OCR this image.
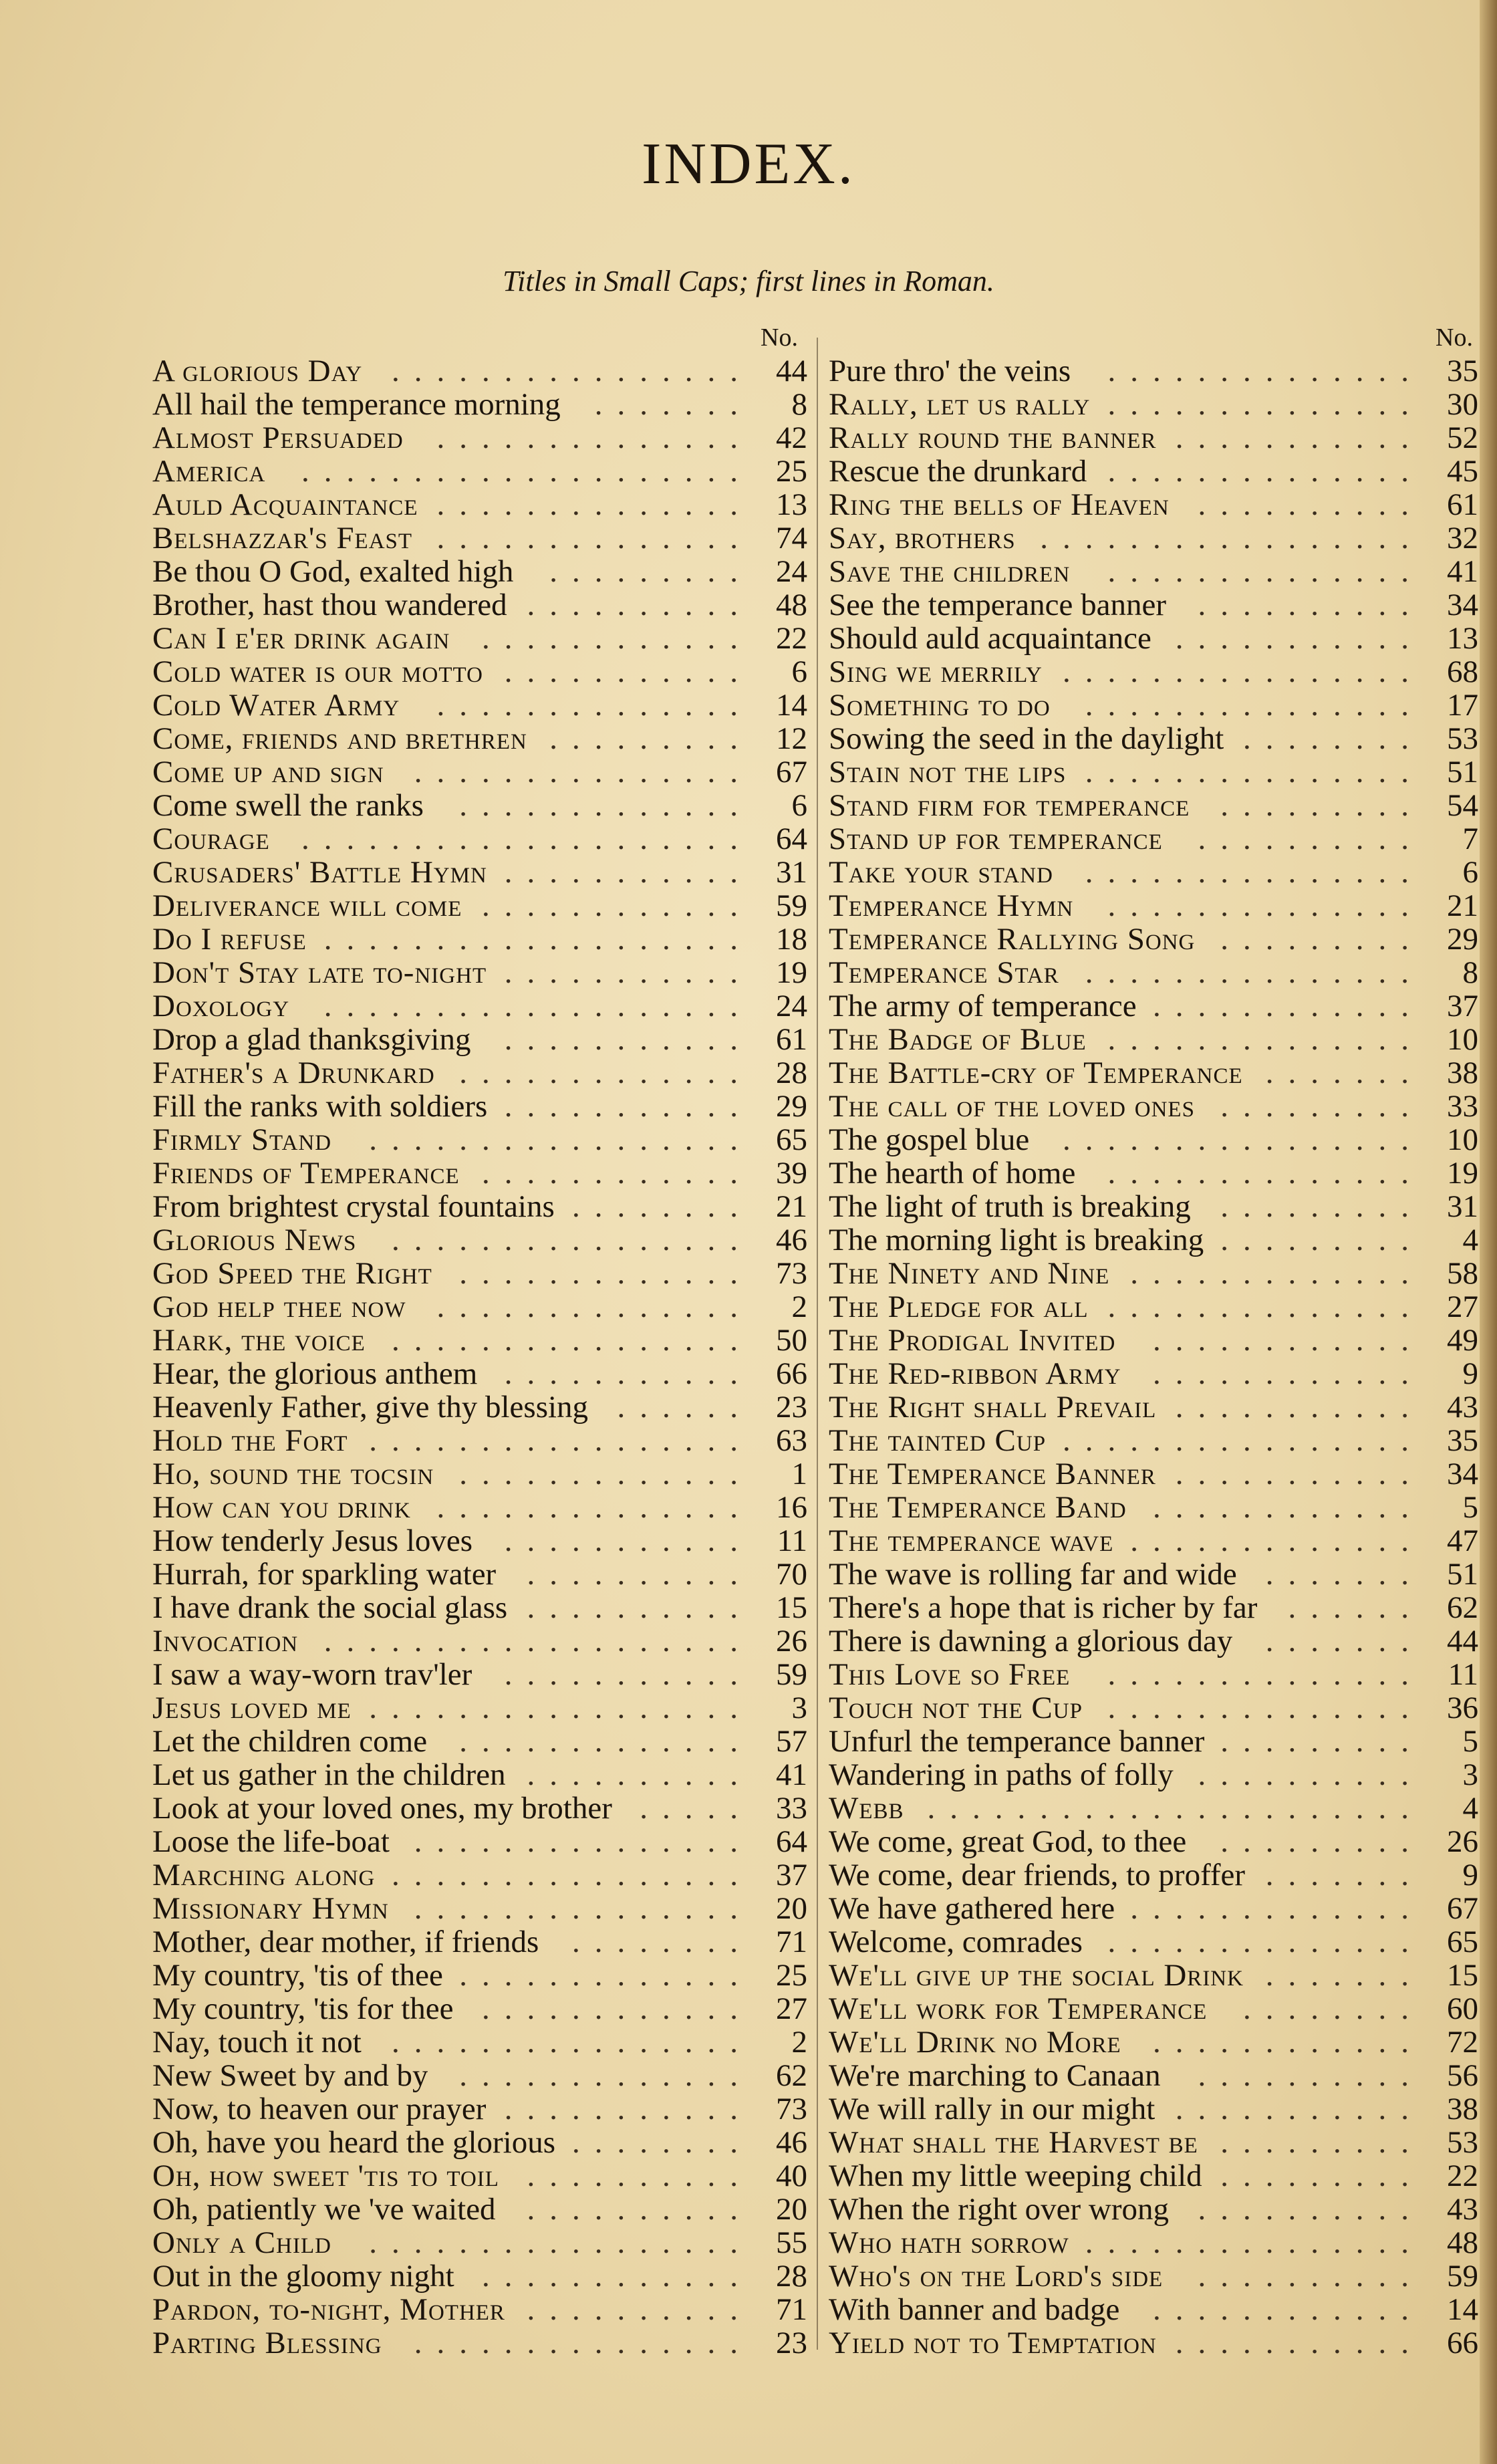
INDEX.
Titles in Small Caps; first lines in Roman.
No.
................
A glorious Day	44
.......
All hail the temperance morning	8
..............
Almost Persuaded	42
....................
America	25
..............
Auld Acquaintance	13
..............
Belshazzar's Feast	74
.........
Be thou O God, exalted high	24
..........
Brother, hast thou wandered	48
............
Can I e'er drink again	22
...........
Cold water is our motto	6
..............
Cold Water Army	14
.........
Come, friends and brethren	12
...............
Come up and sign	67
.............
Come swell the ranks	6
....................
Courage	64
...........
Crusaders' Battle Hymn	31
............
Deliverance will come	59
...................
Do I refuse	18
...........
Don't Stay late to-night	19
...................
Doxology	24
...........
Drop a glad thanksgiving	61
.............
Father's a Drunkard	28
...........
Fill the ranks with soldiers	29
.................
Firmly Stand	65
............
Friends of Temperance	39
........
From brightest crystal fountains	21
................
Glorious News	46
.............
God Speed the Right	73
..............
God help thee now	2
................
Hark, the voice	50
...........
Hear, the glorious anthem	66
......
Heavenly Father, give thy blessing	23
.................
Hold the Fort	63
.............
Ho, sound the tocsin	1
..............
How can you drink	16
...........
How tenderly Jesus loves	11
..........
Hurrah, for sparkling water	70
..........
I have drank the social glass	15
...................
Invocation	26
...........
I saw a way-worn trav'ler	59
.................
Jesus loved me	3
.............
Let the children come	57
..........
Let us gather in the children	41
.....
Look at your loved ones, my brother	33
...............
Loose the life-boat	64
................
Marching along	37
...............
Missionary Hymn	20
........
Mother, dear mother, if friends	71
.............
My country, 'tis of thee	25
............
My country, 'tis for thee	27
................
Nay, touch it not	2
.............
New Sweet by and by	62
...........
Now, to heaven our prayer	73
........
Oh, have you heard the glorious	46
..........
Oh, how sweet 'tis to toil	40
..........
Oh, patiently we 've waited	20
.................
Only a Child	55
............
Out in the gloomy night	28
..........
Pardon, to-night, Mother	71
...............
Parting Blessing	23
No.
..............
Pure thro' the veins	35
..............
Rally, let us rally	30
...........
Rally round the banner	52
..............
Rescue the drunkard	45
..........
Ring the bells of Heaven	61
.................
Say, brothers	32
..............
Save the children	41
..........
See the temperance banner	34
...........
Should auld acquaintance	13
................
Sing we merrily	68
...............
Something to do	17
........
Sowing the seed in the daylight	53
...............
Stain not the lips	51
.........
Stand firm for temperance	54
..........
Stand up for temperance	7
...............
Take your stand	6
..............
Temperance Hymn	21
.........
Temperance Rallying Song	29
...............
Temperance Star	8
............
The army of temperance	37
..............
The Badge of Blue	10
.......
The Battle-cry of Temperance	38
.........
The call of the loved ones	33
................
The gospel blue	10
..............
The hearth of home	19
.........
The light of truth is breaking	31
.........
The morning light is breaking	4
.............
The Ninety and Nine	58
..............
The Pledge for all	27
............
The Prodigal Invited	49
............
The Red-ribbon Army	9
...........
The Right shall Prevail	43
................
The tainted Cup	35
...........
The Temperance Banner	34
............
The Temperance Band	5
.............
The temperance wave	47
.......
The wave is rolling far and wide	51
......
There's a hope that is richer by far	62
.......
There is dawning a glorious day	44
..............
This Love so Free	11
..............
Touch not the Cup	36
.........
Unfurl the temperance banner	5
..........
Wandering in paths of folly	3
......................
Webb	4
.........
We come, great God, to thee	26
.......
We come, dear friends, to proffer	9
.............
We have gathered here	67
..............
Welcome, comrades	65
.......
We'll give up the social Drink	15
........
We'll work for Temperance	60
............
We'll Drink no More	72
..........
We're marching to Canaan	56
...........
We will rally in our might	38
.........
What shall the Harvest be	53
.........
When my little weeping child	22
..........
When the right over wrong	43
...............
Who hath sorrow	48
..........
Who's on the Lord's side	59
............
With banner and badge	14
...........
Yield not to Temptation	66
